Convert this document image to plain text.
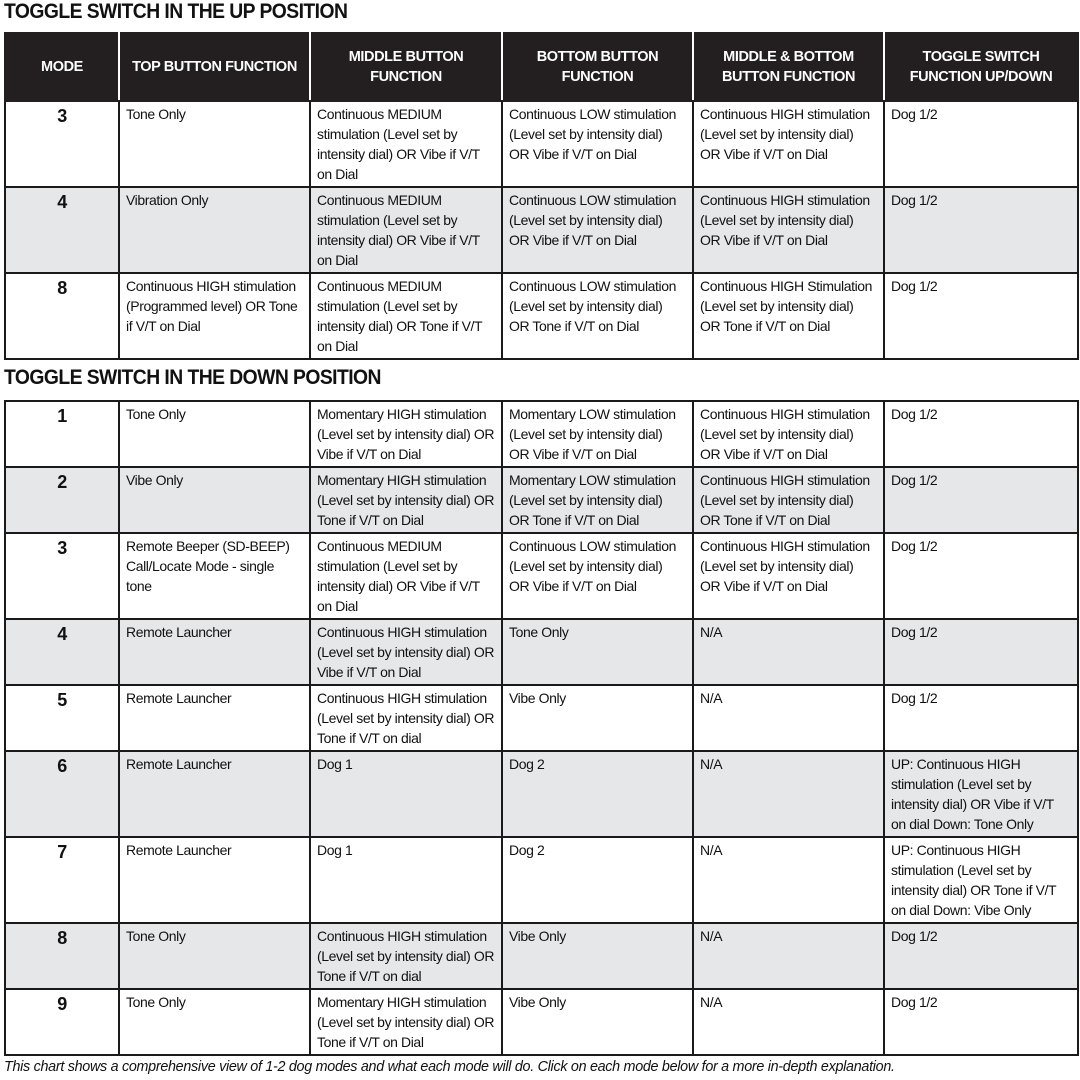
TOGGLE SWITCH IN THE UP POSITION
MODE	TOP BUTTON FUNCTION	MIDDLE BUTTON FUNCTION	BOTTOM BUTTON FUNCTION	MIDDLE & BOTTOM BUTTON FUNCTION	TOGGLE SWITCH FUNCTION UP/DOWN
3	Tone Only	Continuous MEDIUM stimulation (Level set by intensity dial) OR Vibe if V/T on Dial	Continuous LOW stimulation (Level set by intensity dial) OR Vibe if V/T on Dial	Continuous HIGH stimulation (Level set by intensity dial) OR Vibe if V/T on Dial	Dog 1/2
4	Vibration Only	Continuous MEDIUM stimulation (Level set by intensity dial) OR Vibe if V/T on Dial	Continuous LOW stimulation (Level set by intensity dial) OR Vibe if V/T on Dial	Continuous HIGH stimulation (Level set by intensity dial) OR Vibe if V/T on Dial	Dog 1/2
8	Continuous HIGH stimulation (Programmed level) OR Tone if V/T on Dial	Continuous MEDIUM stimulation (Level set by intensity dial) OR Tone if V/T on Dial	Continuous LOW stimulation (Level set by intensity dial) OR Tone if V/T on Dial	Continuous HIGH Stimulation (Level set by intensity dial) OR Tone if V/T on Dial	Dog 1/2
TOGGLE SWITCH IN THE DOWN POSITION
1	Tone Only	Momentary HIGH stimulation (Level set by intensity dial) OR Vibe if V/T on Dial	Momentary LOW stimulation (Level set by intensity dial) OR Vibe if V/T on Dial	Continuous HIGH stimulation (Level set by intensity dial) OR Vibe if V/T on Dial	Dog 1/2
2	Vibe Only	Momentary HIGH stimulation (Level set by intensity dial) OR Tone if V/T on Dial	Momentary LOW stimulation (Level set by intensity dial) OR Tone if V/T on Dial	Continuous HIGH stimulation (Level set by intensity dial) OR Tone if V/T on Dial	Dog 1/2
3	Remote Beeper (SD-BEEP) Call/Locate Mode - single tone	Continuous MEDIUM stimulation (Level set by intensity dial) OR Vibe if V/T on Dial	Continuous LOW stimulation (Level set by intensity dial) OR Vibe if V/T on Dial	Continuous HIGH stimulation (Level set by intensity dial) OR Vibe if V/T on Dial	Dog 1/2
4	Remote Launcher	Continuous HIGH stimulation (Level set by intensity dial) OR Vibe if V/T on Dial	Tone Only	N/A	Dog 1/2
5	Remote Launcher	Continuous HIGH stimulation (Level set by intensity dial) OR Tone if V/T on dial	Vibe Only	N/A	Dog 1/2
6	Remote Launcher	Dog 1	Dog 2	N/A	UP: Continuous HIGH stimulation (Level set by intensity dial) OR Vibe if V/T on dial Down: Tone Only
7	Remote Launcher	Dog 1	Dog 2	N/A	UP: Continuous HIGH stimulation (Level set by intensity dial) OR Tone if V/T on dial Down: Vibe Only
8	Tone Only	Continuous HIGH stimulation (Level set by intensity dial) OR Tone if V/T on dial	Vibe Only	N/A	Dog 1/2
9	Tone Only	Momentary HIGH stimulation (Level set by intensity dial) OR Tone if V/T on Dial	Vibe Only	N/A	Dog 1/2
This chart shows a comprehensive view of 1-2 dog modes and what each mode will do. Click on each mode below for a more in-depth explanation.
